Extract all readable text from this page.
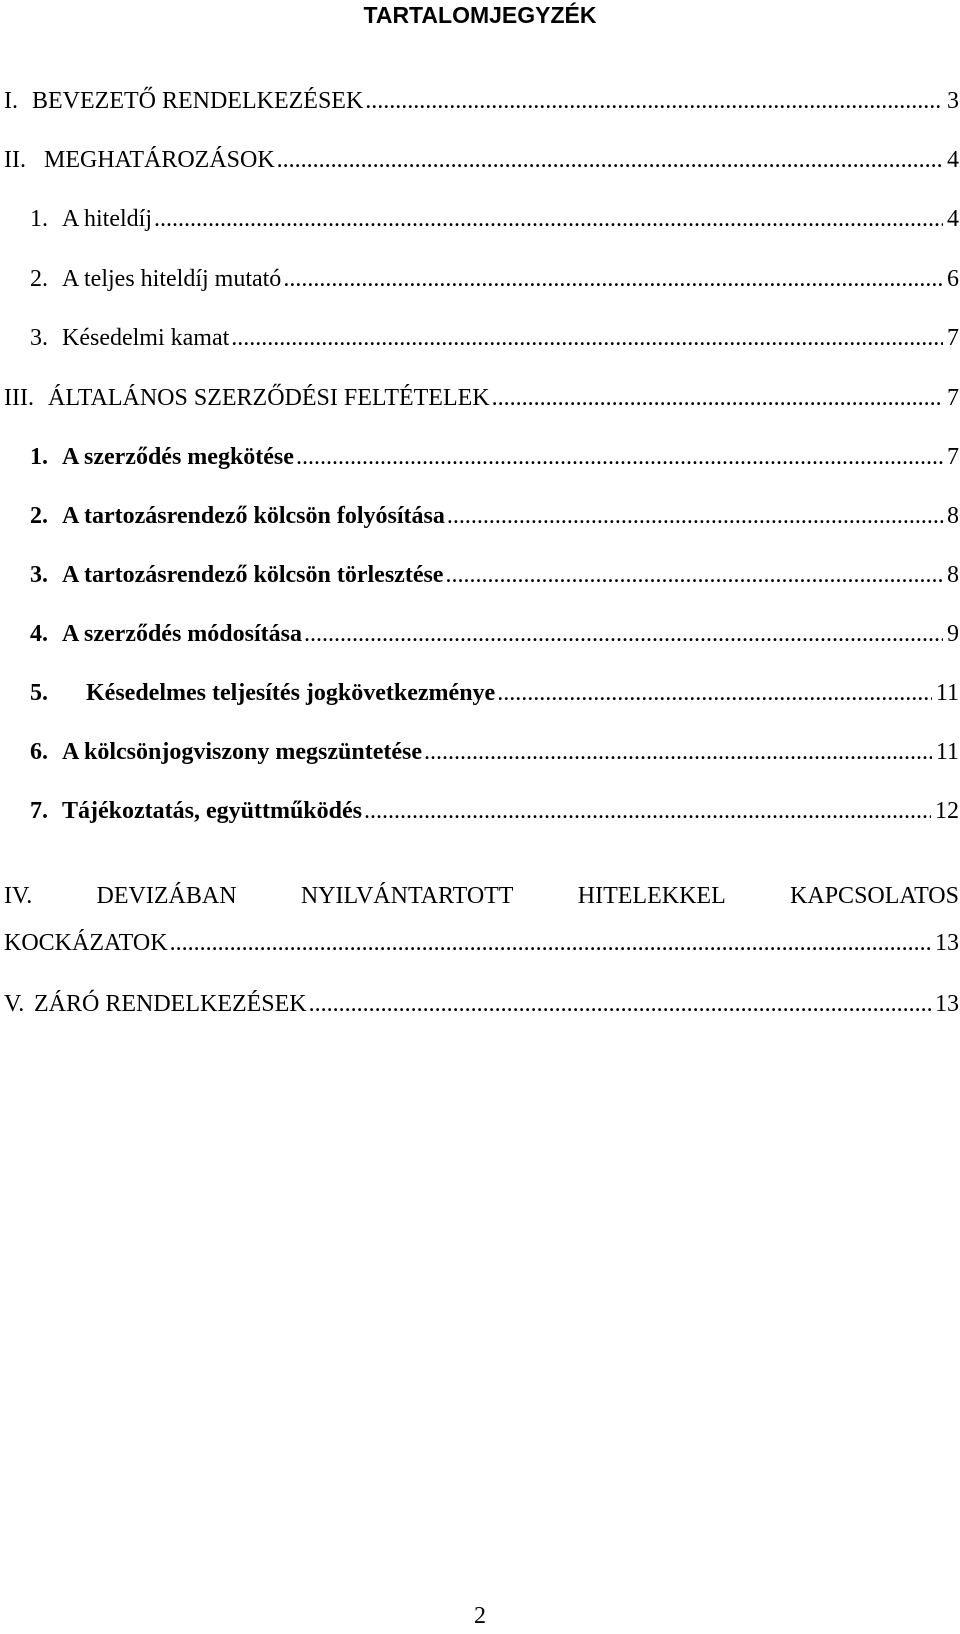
TARTALOMJEGYZÉK
I. BEVEZETŐ RENDELKEZÉSEK .....	3
II. MEGHATÁROZÁSOK .....	4
1. A hiteldíj .....	4
2. A teljes hiteldíj mutató .....	6
3. Késedelmi kamat .....	7
III. ÁLTALÁNOS SZERZŐDÉSI FELTÉTELEK .....	7
1. A szerződés megkötése .....	7
2. A tartozásrendező kölcsön folyósítása .....	8
3. A tartozásrendező kölcsön törlesztése .....	8
4. A szerződés módosítása .....	9
5.	Késedelmes teljesítés jogkövetkezménye .....	11
6. A kölcsönjogviszony megszüntetése .....	11
7. Tájékoztatás, együttműködés .....	12
IV.	DEVIZÁBAN	NYILVÁNTARTOTT	HITELEKKEL	KAPCSOLATOS
KOCKÁZATOK .....	13
V. ZÁRÓ RENDELKEZÉSEK .....	13
2
